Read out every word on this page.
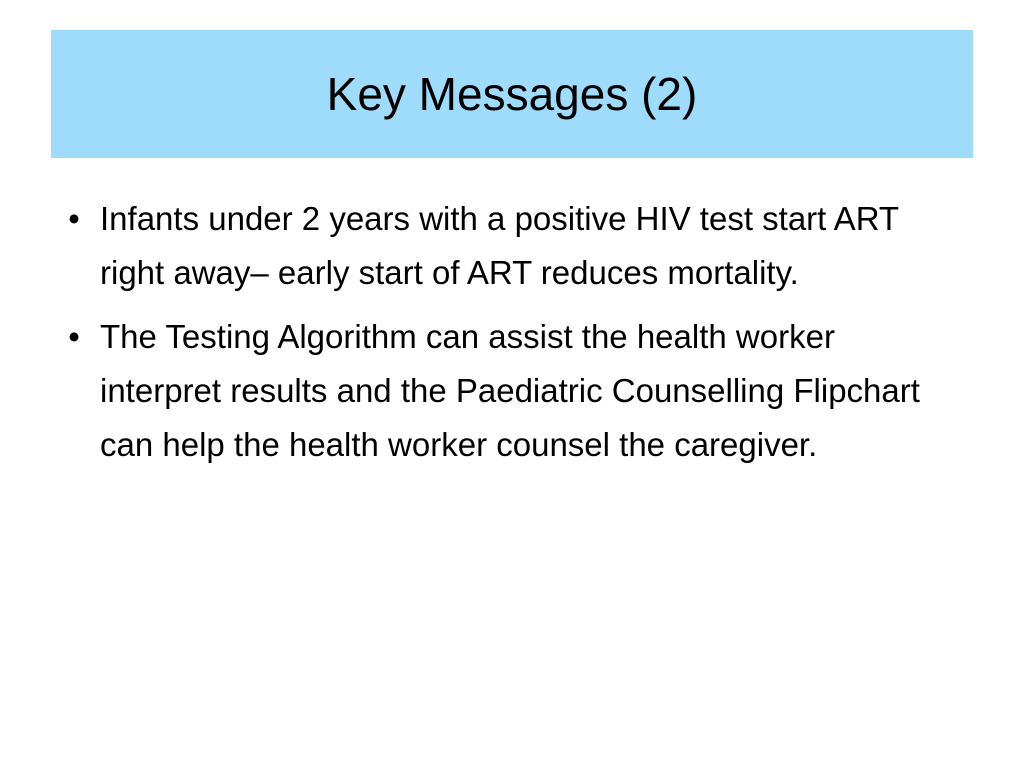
Key Messages (2)
• Infants under 2 years with a positive HIV test start ART right away– early start of ART reduces mortality.
• The Testing Algorithm can assist the health worker interpret results and the Paediatric Counselling Flipchart can help the health worker counsel the caregiver.
